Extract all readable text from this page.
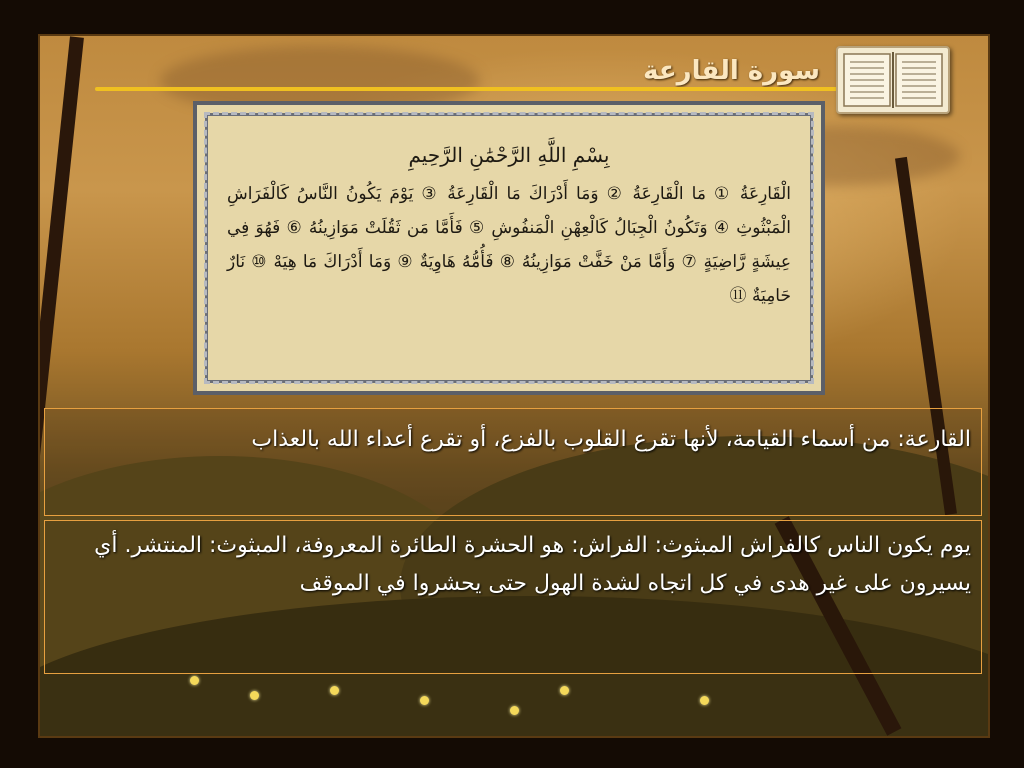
سورة القارعة
بِسْمِ اللَّهِ الرَّحْمَٰنِ الرَّحِيمِ
الْقَارِعَةُ ① مَا الْقَارِعَةُ ② وَمَا أَدْرَاكَ مَا الْقَارِعَةُ ③ يَوْمَ يَكُونُ النَّاسُ كَالْفَرَاشِ الْمَبْثُوثِ ④ وَتَكُونُ الْجِبَالُ كَالْعِهْنِ الْمَنفُوشِ ⑤ فَأَمَّا مَن ثَقُلَتْ مَوَازِينُهُ ⑥ فَهُوَ فِي عِيشَةٍ رَّاضِيَةٍ ⑦ وَأَمَّا مَنْ خَفَّتْ مَوَازِينُهُ ⑧ فَأُمُّهُ هَاوِيَةٌ ⑨ وَمَا أَدْرَاكَ مَا هِيَهْ ⑩ نَارٌ حَامِيَةٌ ⑪
القارعة: من أسماء القيامة، لأنها تقرع القلوب بالفزع، أو تقرع أعداء الله بالعذاب
يوم يكون الناس كالفراش المبثوث: الفراش: هو الحشرة الطائرة المعروفة، المبثوث: المنتشر. أي يسيرون على غير هدى في كل اتجاه لشدة الهول حتى يحشروا في الموقف
